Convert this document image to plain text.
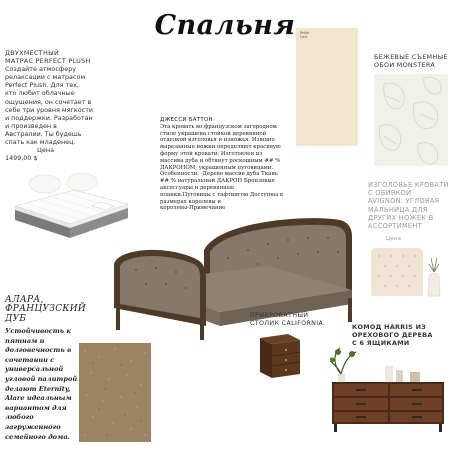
Спальня
ДВУХМЕСТНЫЙ
МАТРАС PERFECT PLUSH
Создайте атмосферу
релаксации с матрасом
Perfect Plush. Для тех,
кто любит облачные
ощущения, он сочетает в
себе три уровня мягкости
и поддержки. Разработан
и произведен в
Австралии. Ты будешь
спать как младенец.
Цена
1499,00 $
Pelvin
Card
БЕЖЕВЫЕ СЪЕМНЫЕ
ОБОИ MONSTERA
ДЖЕССИ БАТТОН
Эта кровать во французском загородном
стиле украшена стойкой деревянной
отделкой изголовья и изножья. Изящно
вырезанные ножки определяют красивую
форму этой кровати. Изготовлен из
массива дуба и обтянут роскошным ## %
ДАКРОНОМ, украшенным пуговицами.
Особенности: -Дерево массив дуба Ткань
## % натуральный ДАКРОН Бронзовые
аксессуары и деревянные
планки.Пуговицы с тафтингом Доступны в
размерах королевы и
королевы-Примечание
ИЗГОЛОВЬЕ КРОВАТИ
С ОБИВКОЙ
AVIGNON. УГЛОВАЯ
МАЛЬНИЦА ДЛЯ
ДРУГИХ НОЖЕК В
АССОРТИМЕНТ
Цена
АЛАРА,
ФРАНЦУЗСКИЙ
ДУБ
Устойчивость к
пятнам и
долговечность в
сочетании с
универсальной
угловой палитрой
делают Eternity,
Alare идеальным
вариантом для
любого загруженного
семейного дома.
ПРИКРОВАТНЫЙ
СТОЛИК CALIFORNIA	КОМОД HARRIS ИЗ
ОРЕХОВОГО ДЕРЕВА
С 6 ЯЩИКАМИ
